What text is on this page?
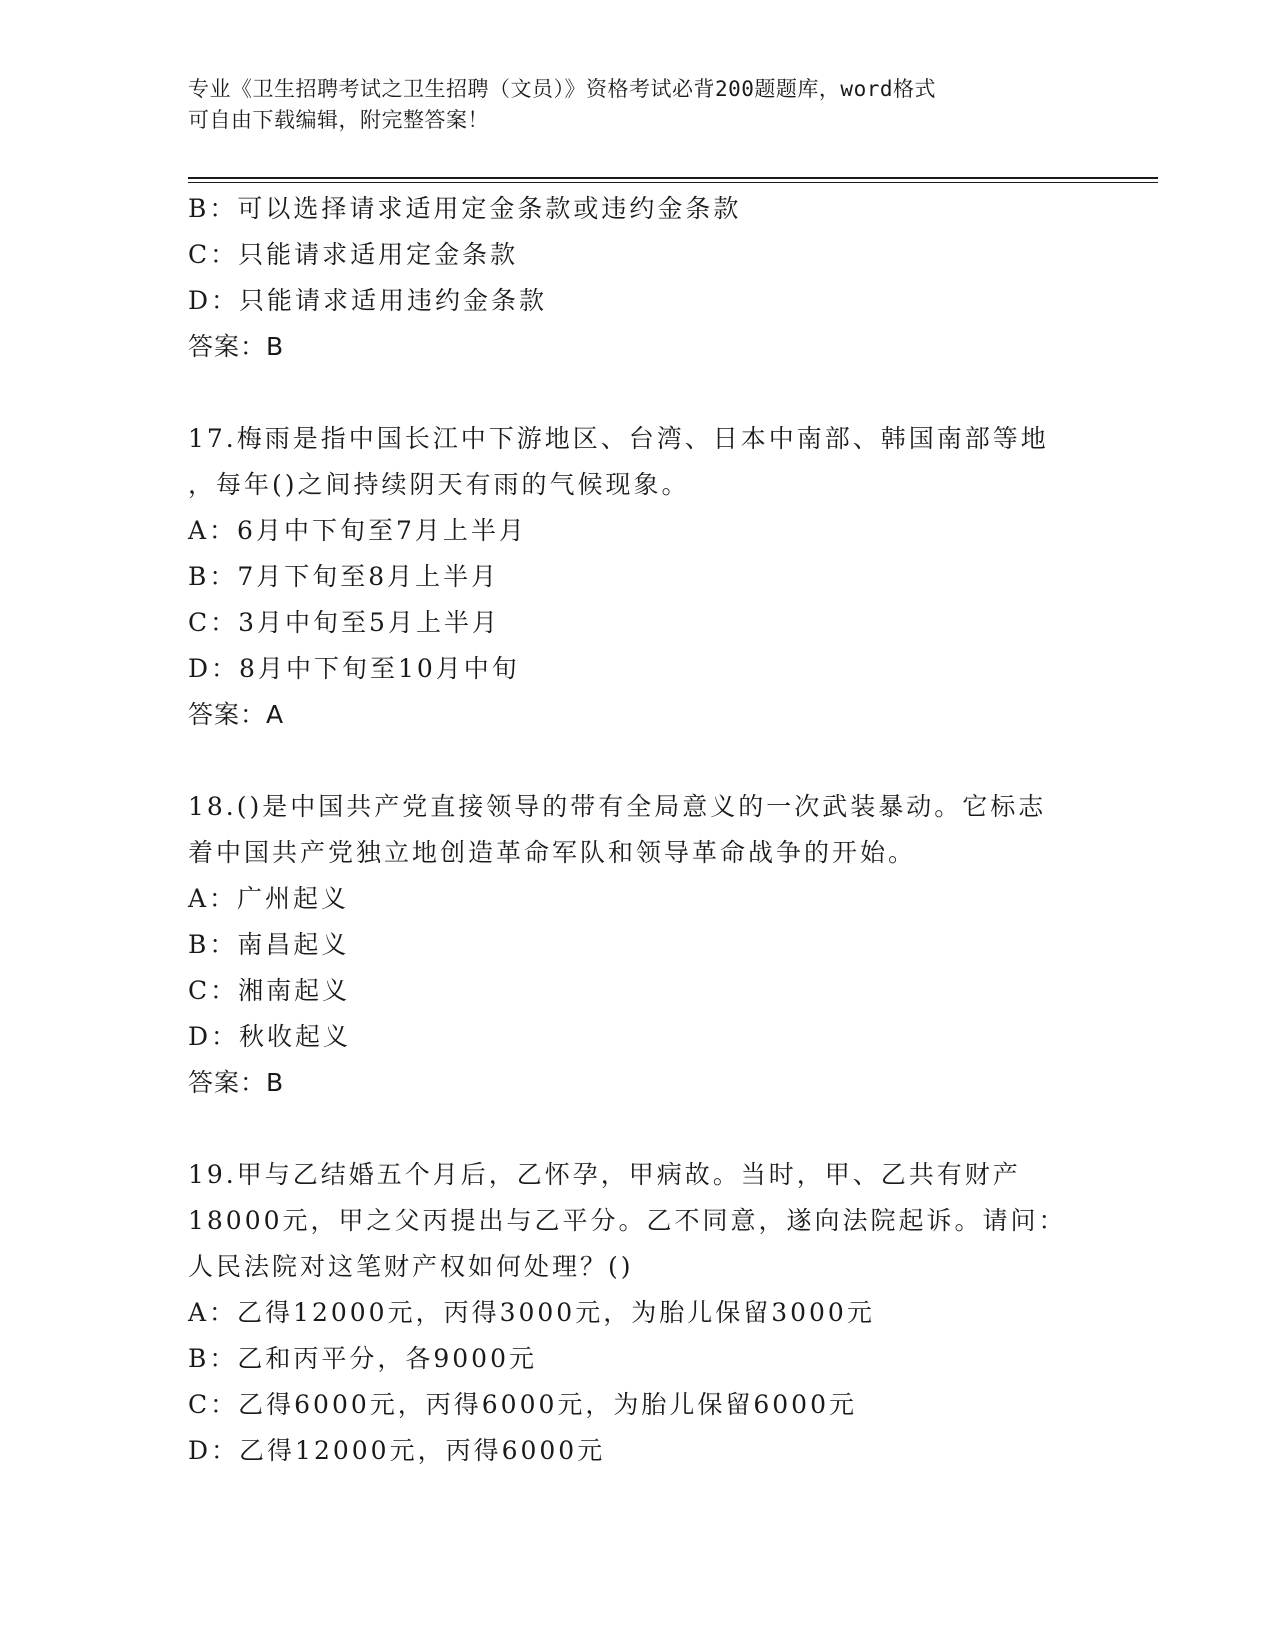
专业《卫生招聘考试之卫生招聘（文员）》资格考试必背200题题库，word格式
可自由下载编辑，附完整答案！
B：可以选择请求适用定金条款或违约金条款
C：只能请求适用定金条款
D：只能请求适用违约金条款
答案：B
17.梅雨是指中国长江中下游地区、台湾、日本中南部、韩国南部等地
，每年()之间持续阴天有雨的气候现象。
A：6月中下旬至7月上半月
B：7月下旬至8月上半月
C：3月中旬至5月上半月
D：8月中下旬至10月中旬
答案：A
18.()是中国共产党直接领导的带有全局意义的一次武装暴动。它标志
着中国共产党独立地创造革命军队和领导革命战争的开始。
A：广州起义
B：南昌起义
C：湘南起义
D：秋收起义
答案：B
19.甲与乙结婚五个月后，乙怀孕，甲病故。当时，甲、乙共有财产
18000元，甲之父丙提出与乙平分。乙不同意，遂向法院起诉。请问：
人民法院对这笔财产权如何处理？()
A：乙得12000元，丙得3000元，为胎儿保留3000元
B：乙和丙平分，各9000元
C：乙得6000元，丙得6000元，为胎儿保留6000元
D：乙得12000元，丙得6000元
